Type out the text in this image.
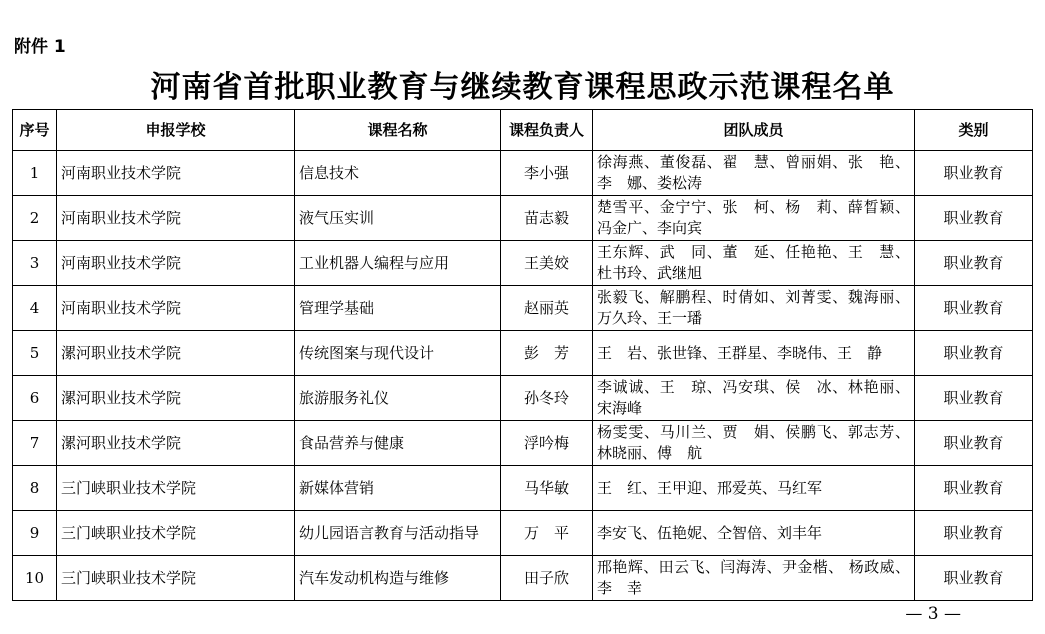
附件 1
河南省首批职业教育与继续教育课程思政示范课程名单
序号	申报学校	课程名称	课程负责人	团队成员	类别
1	河南职业技术学院	信息技术	李小强	徐海燕、董俊磊、翟　慧、曾丽娟、张　艳、李　娜、娄松涛	职业教育
2	河南职业技术学院	液气压实训	苗志毅	楚雪平、金宁宁、张　柯、杨　莉、薛晳颖、冯金广、李向宾	职业教育
3	河南职业技术学院	工业机器人编程与应用	王美姣	王东辉、武　同、董　延、任艳艳、王　慧、杜书玲、武继旭	职业教育
4	河南职业技术学院	管理学基础	赵丽英	张毅飞、解鹏程、时倩如、刘菁雯、魏海丽、万久玲、王一璠	职业教育
5	漯河职业技术学院	传统图案与现代设计	彭　芳	王　岩、张世锋、王群星、李晓伟、王　静	职业教育
6	漯河职业技术学院	旅游服务礼仪	孙冬玲	李诚诚、王　琼、冯安琪、侯　冰、林艳丽、宋海峰	职业教育
7	漯河职业技术学院	食品营养与健康	浮吟梅	杨雯雯、马川兰、贾　娟、侯鹏飞、郭志芳、林晓丽、傅　航	职业教育
8	三门峡职业技术学院	新媒体营销	马华敏	王　红、王甲迎、邢爱英、马红军	职业教育
9	三门峡职业技术学院	幼儿园语言教育与活动指导	万　平	李安飞、伍艳妮、仝智倍、刘丰年	职业教育
10	三门峡职业技术学院	汽车发动机构造与维修	田子欣	邢艳辉、田云飞、闫海涛、尹金楷、 杨政威、李　幸	职业教育
— 3 —
